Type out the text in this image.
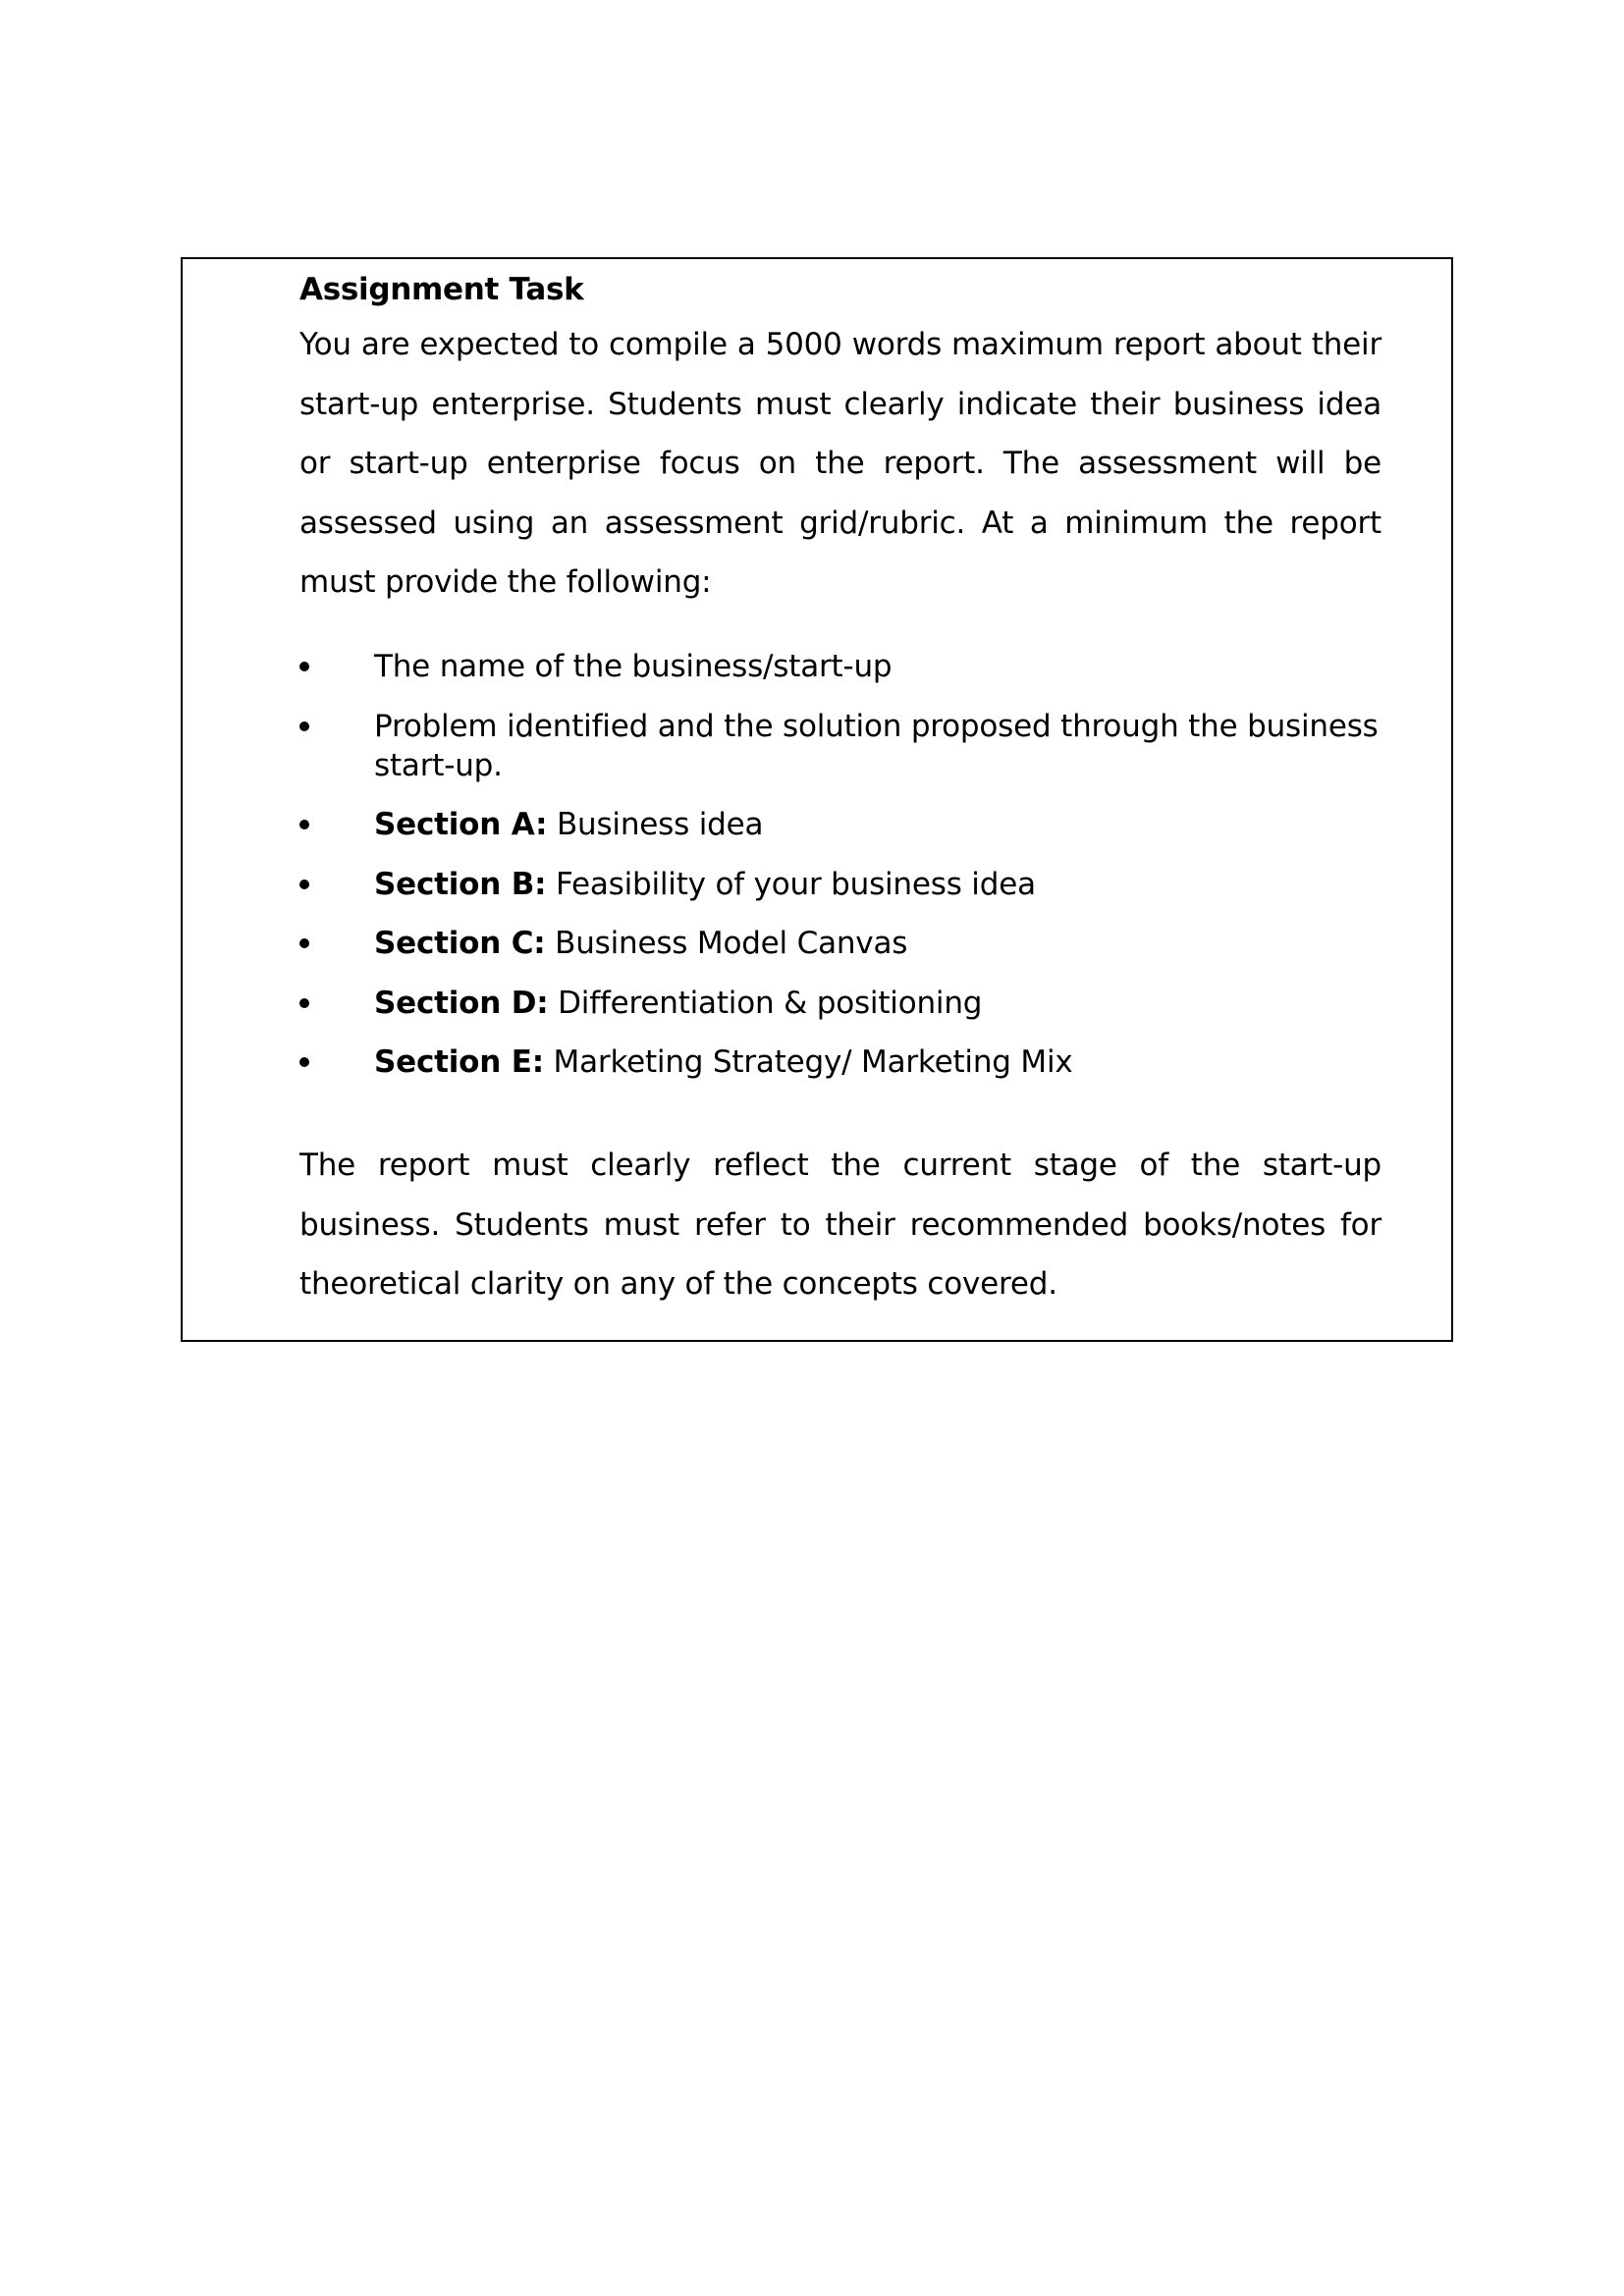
Assignment Task

You are expected to compile a 5000 words maximum report about their start-up enterprise. Students must clearly indicate their business idea or start-up enterprise focus on the report. The assessment will be assessed using an assessment grid/rubric. At a minimum the report must provide the following:

The name of the business/start-up
Problem identified and the solution proposed through the business start-up.
Section A: Business idea
Section B: Feasibility of your business idea
Section C: Business Model Canvas
Section D: Differentiation & positioning
Section E: Marketing Strategy/ Marketing Mix

The report must clearly reflect the current stage of the start-up business. Students must refer to their recommended books/notes for theoretical clarity on any of the concepts covered.
